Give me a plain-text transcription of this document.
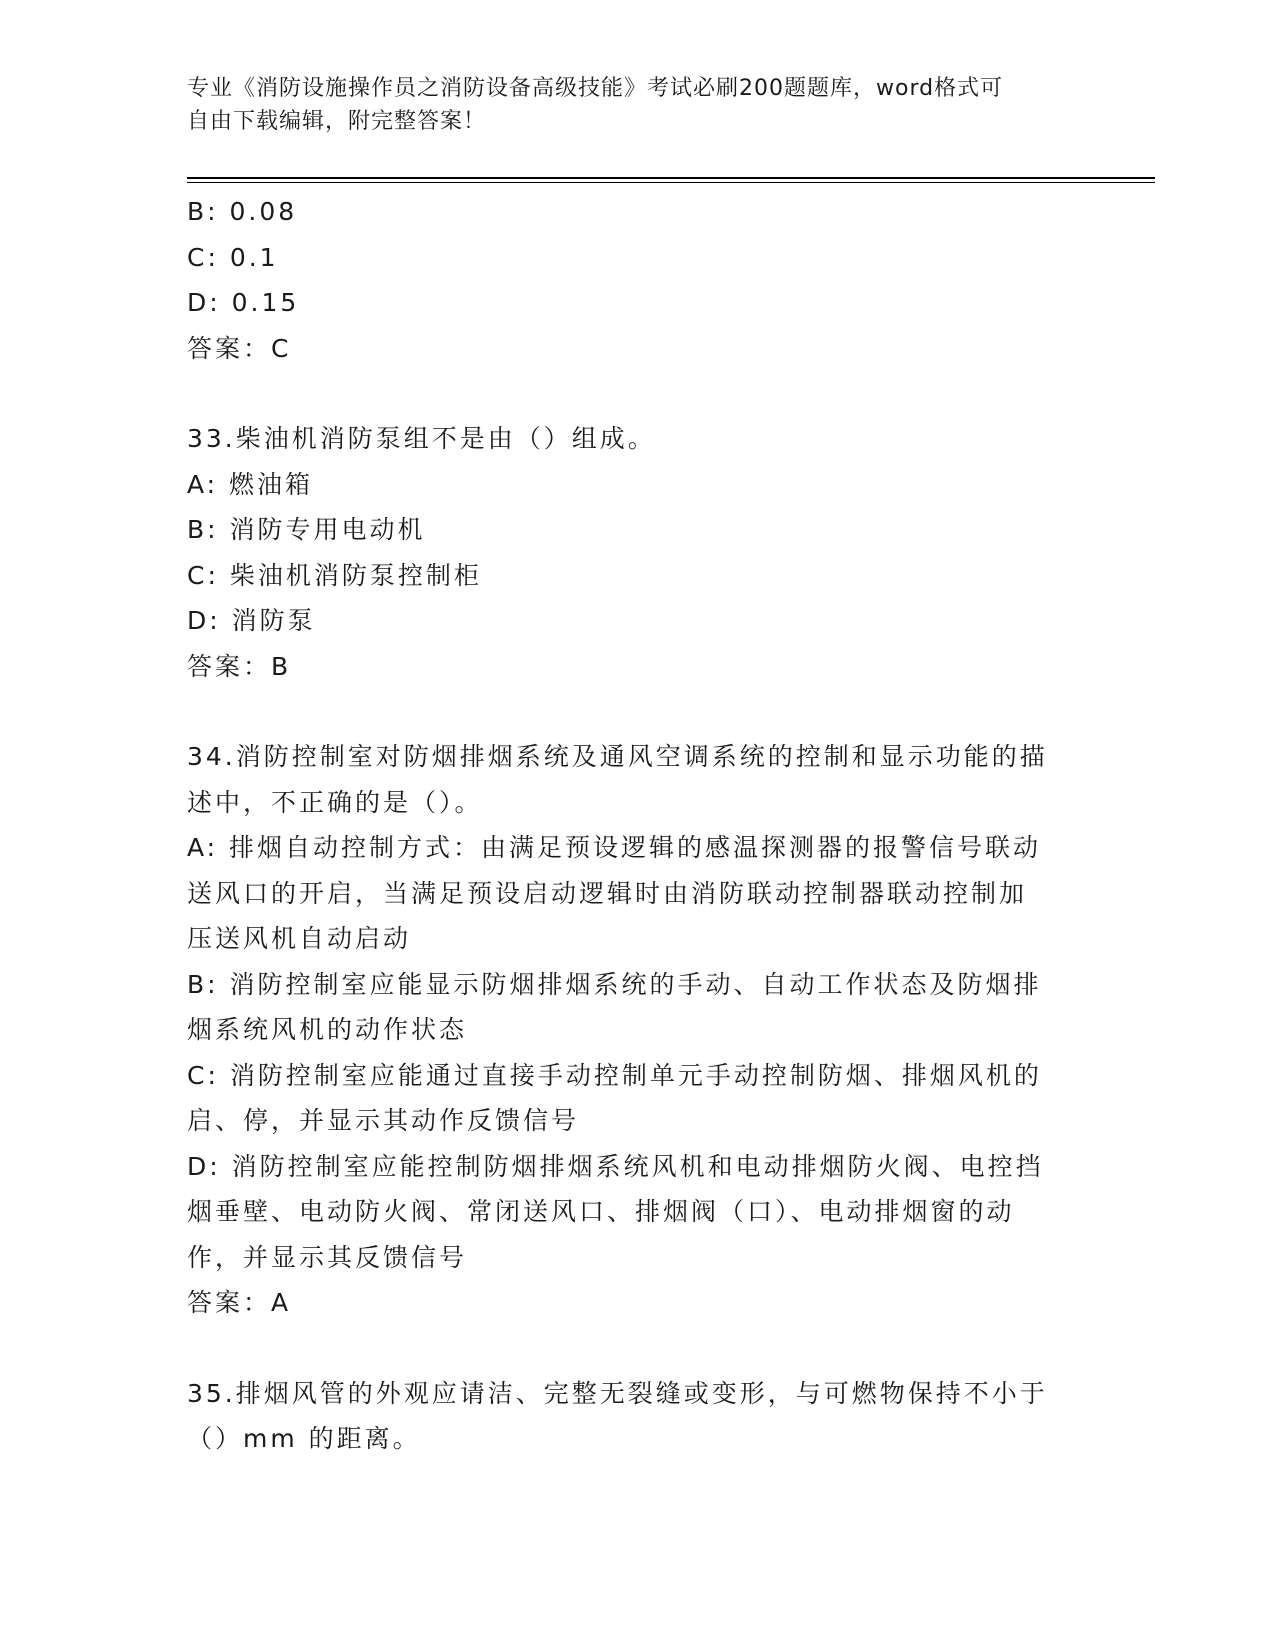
专业《消防设施操作员之消防设备高级技能》考试必刷200题题库，word格式可
自由下载编辑，附完整答案！

B: 0.08

C: 0.1

D: 0.15

答案：C

33.柴油机消防泵组不是由（）组成。

A: 燃油箱

B: 消防专用电动机

C: 柴油机消防泵控制柜

D: 消防泵

答案：B

34.消防控制室对防烟排烟系统及通风空调系统的控制和显示功能的描

述中，不正确的是（）。

A: 排烟自动控制方式：由满足预设逻辑的感温探测器的报警信号联动

送风口的开启，当满足预设启动逻辑时由消防联动控制器联动控制加

压送风机自动启动

B: 消防控制室应能显示防烟排烟系统的手动、自动工作状态及防烟排

烟系统风机的动作状态

C: 消防控制室应能通过直接手动控制单元手动控制防烟、排烟风机的

启、停，并显示其动作反馈信号

D: 消防控制室应能控制防烟排烟系统风机和电动排烟防火阀、电控挡

烟垂壁、电动防火阀、常闭送风口、排烟阀（口）、电动排烟窗的动

作，并显示其反馈信号

答案：A

35.排烟风管的外观应请洁、完整无裂缝或变形，与可燃物保持不小于

（）mm 的距离。
